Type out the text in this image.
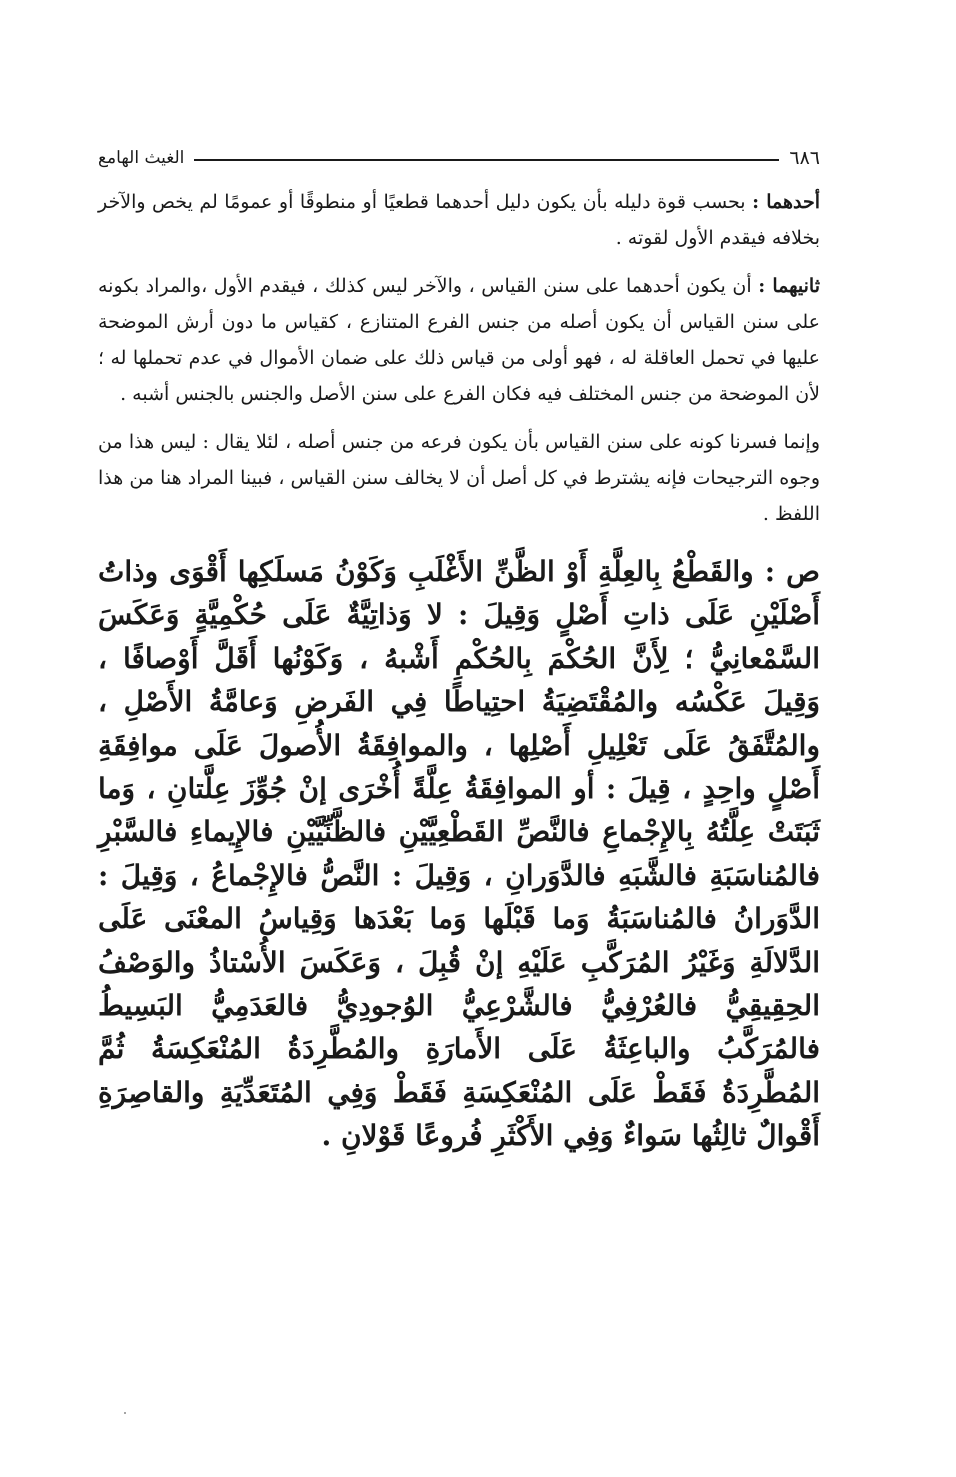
٦٨٦
الغيث الهامع

أحدهما : بحسب قوة دليله بأن يكون دليل أحدهما قطعيًا أو منطوقًا أو عمومًا لم يخص والآخر بخلافه فيقدم الأول لقوته .

ثانيهما : أن يكون أحدهما على سنن القياس ، والآخر ليس كذلك ، فيقدم الأول ،والمراد بكونه على سنن القياس أن يكون أصله من جنس الفرع المتنازع ، كقياس ما دون أرش الموضحة عليها في تحمل العاقلة له ، فهو أولى من قياس ذلك على ضمان الأموال في عدم تحملها له ؛ لأن الموضحة من جنس المختلف فيه فكان الفرع على سنن الأصل والجنس بالجنس أشبه .

وإنما فسرنا كونه على سنن القياس بأن يكون فرعه من جنس أصله ، لئلا يقال : ليس هذا من وجوه الترجيحات فإنه يشترط في كل أصل أن لا يخالف سنن القياس ، فبينا المراد هنا من هذا اللفظ .

ص : والقَطْعُ بِالعِلَّةِ أَوْ الظَّنِّ الأَغْلَبِ وَكَوْنُ مَسلَكِها أَقْوَى وذاتُ أَصْلَيْنِ عَلَى ذاتِ أَصْلٍ وَقِيلَ : لا وَذاتِيَّةٌ عَلَى حُكْمِيَّةٍ وَعَكَسَ السَّمْعانِيُّ ؛ لِأَنَّ الحُكْمَ بِالحُكْمِ أَشْبهُ ، وَكَوْنُها أَقَلَّ أَوْصافًا ، وَقِيلَ عَكْسُه والمُقْتَضِيَةُ احتِياطًا فِي الفَرضِ وَعامَّةُ الأَصْلِ ، والمُتَّفَقُ عَلَى تَعْلِيلِ أَصْلِها ، والموافِقَةُ الأُصولَ عَلَى موافِقَةِ أَصْلٍ واحِدٍ ، قِيلَ : أو الموافِقَةُ عِلَّةً أُخْرَى إنْ جُوِّزَ عِلَّتانِ ، وَما ثَبَتَتْ عِلَّتُهُ بِالإِجْماعِ فالنَّصِّ القَطْعِيَّيْنِ فالظَّنِّيَّيْنِ فالإِيماءِ فالسَّبْرِ فالمُناسَبَةِ فالشَّبَهِ فالدَّوَرانِ ، وَقِيلَ : النَّصُّ فالإِجْماعُ ، وَقِيلَ : الدَّوَرانُ فالمُناسَبَةُ وَما قَبْلَها وَما بَعْدَها وَقِياسُ المعْنَى عَلَى الدَّلالَةِ وَغَيْرُ المُرَكَّبِ عَلَيْهِ إنْ قُبِلَ ، وَعَكَسَ الأُسْتاذُ والوَصْفُ الحِقِيقِيُّ فالعُرْفِيُّ فالشَّرْعِيُّ الوُجودِيُّ فالعَدَمِيُّ البَسِيطُ فالمُرَكَّبُ والباعِثَةُ عَلَى الأَمارَةِ والمُطَّرِدَةُ المُنْعَكِسَةُ ثُمَّ المُطَّرِدَةُ فَقَطْ عَلَى المُنْعَكِسَةِ فَقَطْ وَفِي المُتَعَدِّيَةِ والقاصِرَةِ أَقْوالٌ ثالِثُها سَواءٌ وَفِي الأَكْثَرِ فُروعًا قَوْلانِ .
